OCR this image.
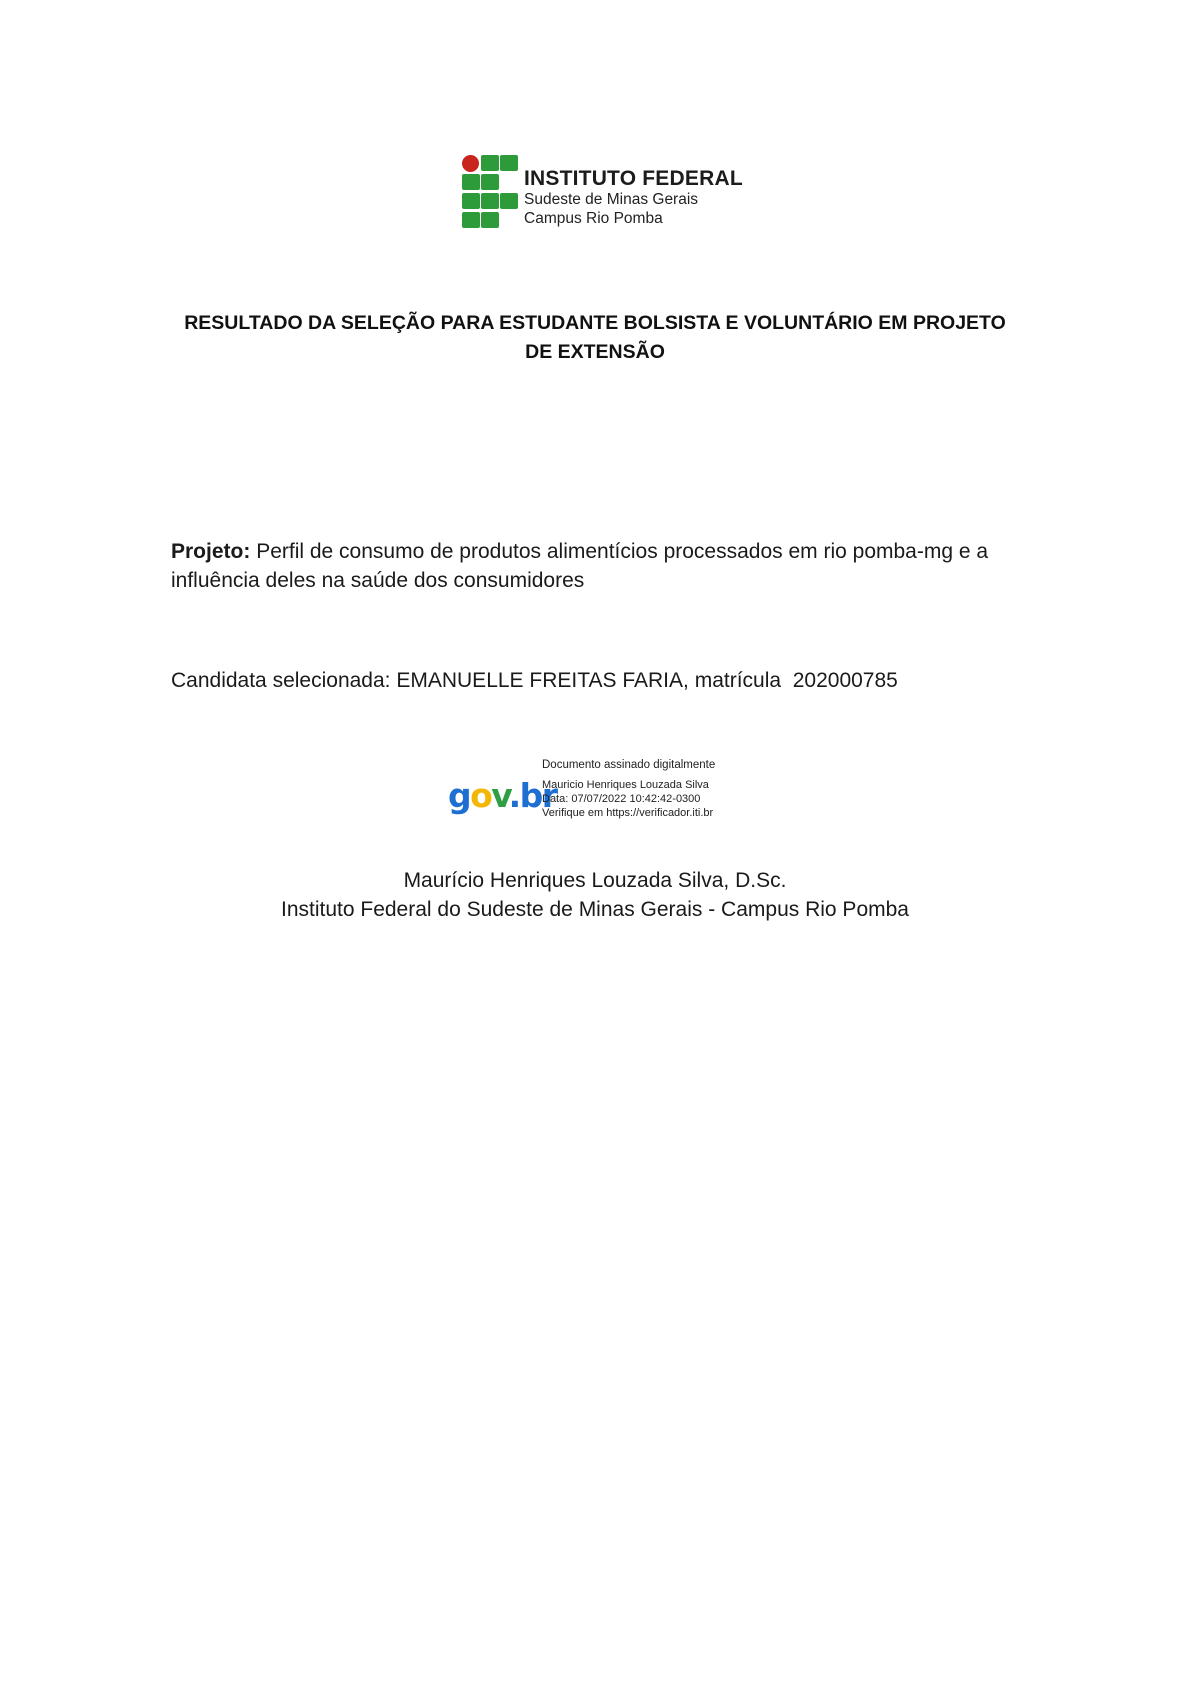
INSTITUTO FEDERAL
Sudeste de Minas Gerais
Campus Rio Pomba
RESULTADO DA SELEÇÃO PARA ESTUDANTE BOLSISTA E VOLUNTÁRIO EM PROJETO DE EXTENSÃO
Projeto: Perfil de consumo de produtos alimentícios processados em rio pomba-mg e a influência deles na saúde dos consumidores
Candidata selecionada: EMANUELLE FREITAS FARIA, matrícula 202000785
gov.br
Documento assinado digitalmente
Mauricio Henriques Louzada Silva
Data: 07/07/2022 10:42:42-0300
Verifique em https://verificador.iti.br
Maurício Henriques Louzada Silva, D.Sc.
Instituto Federal do Sudeste de Minas Gerais - Campus Rio Pomba
